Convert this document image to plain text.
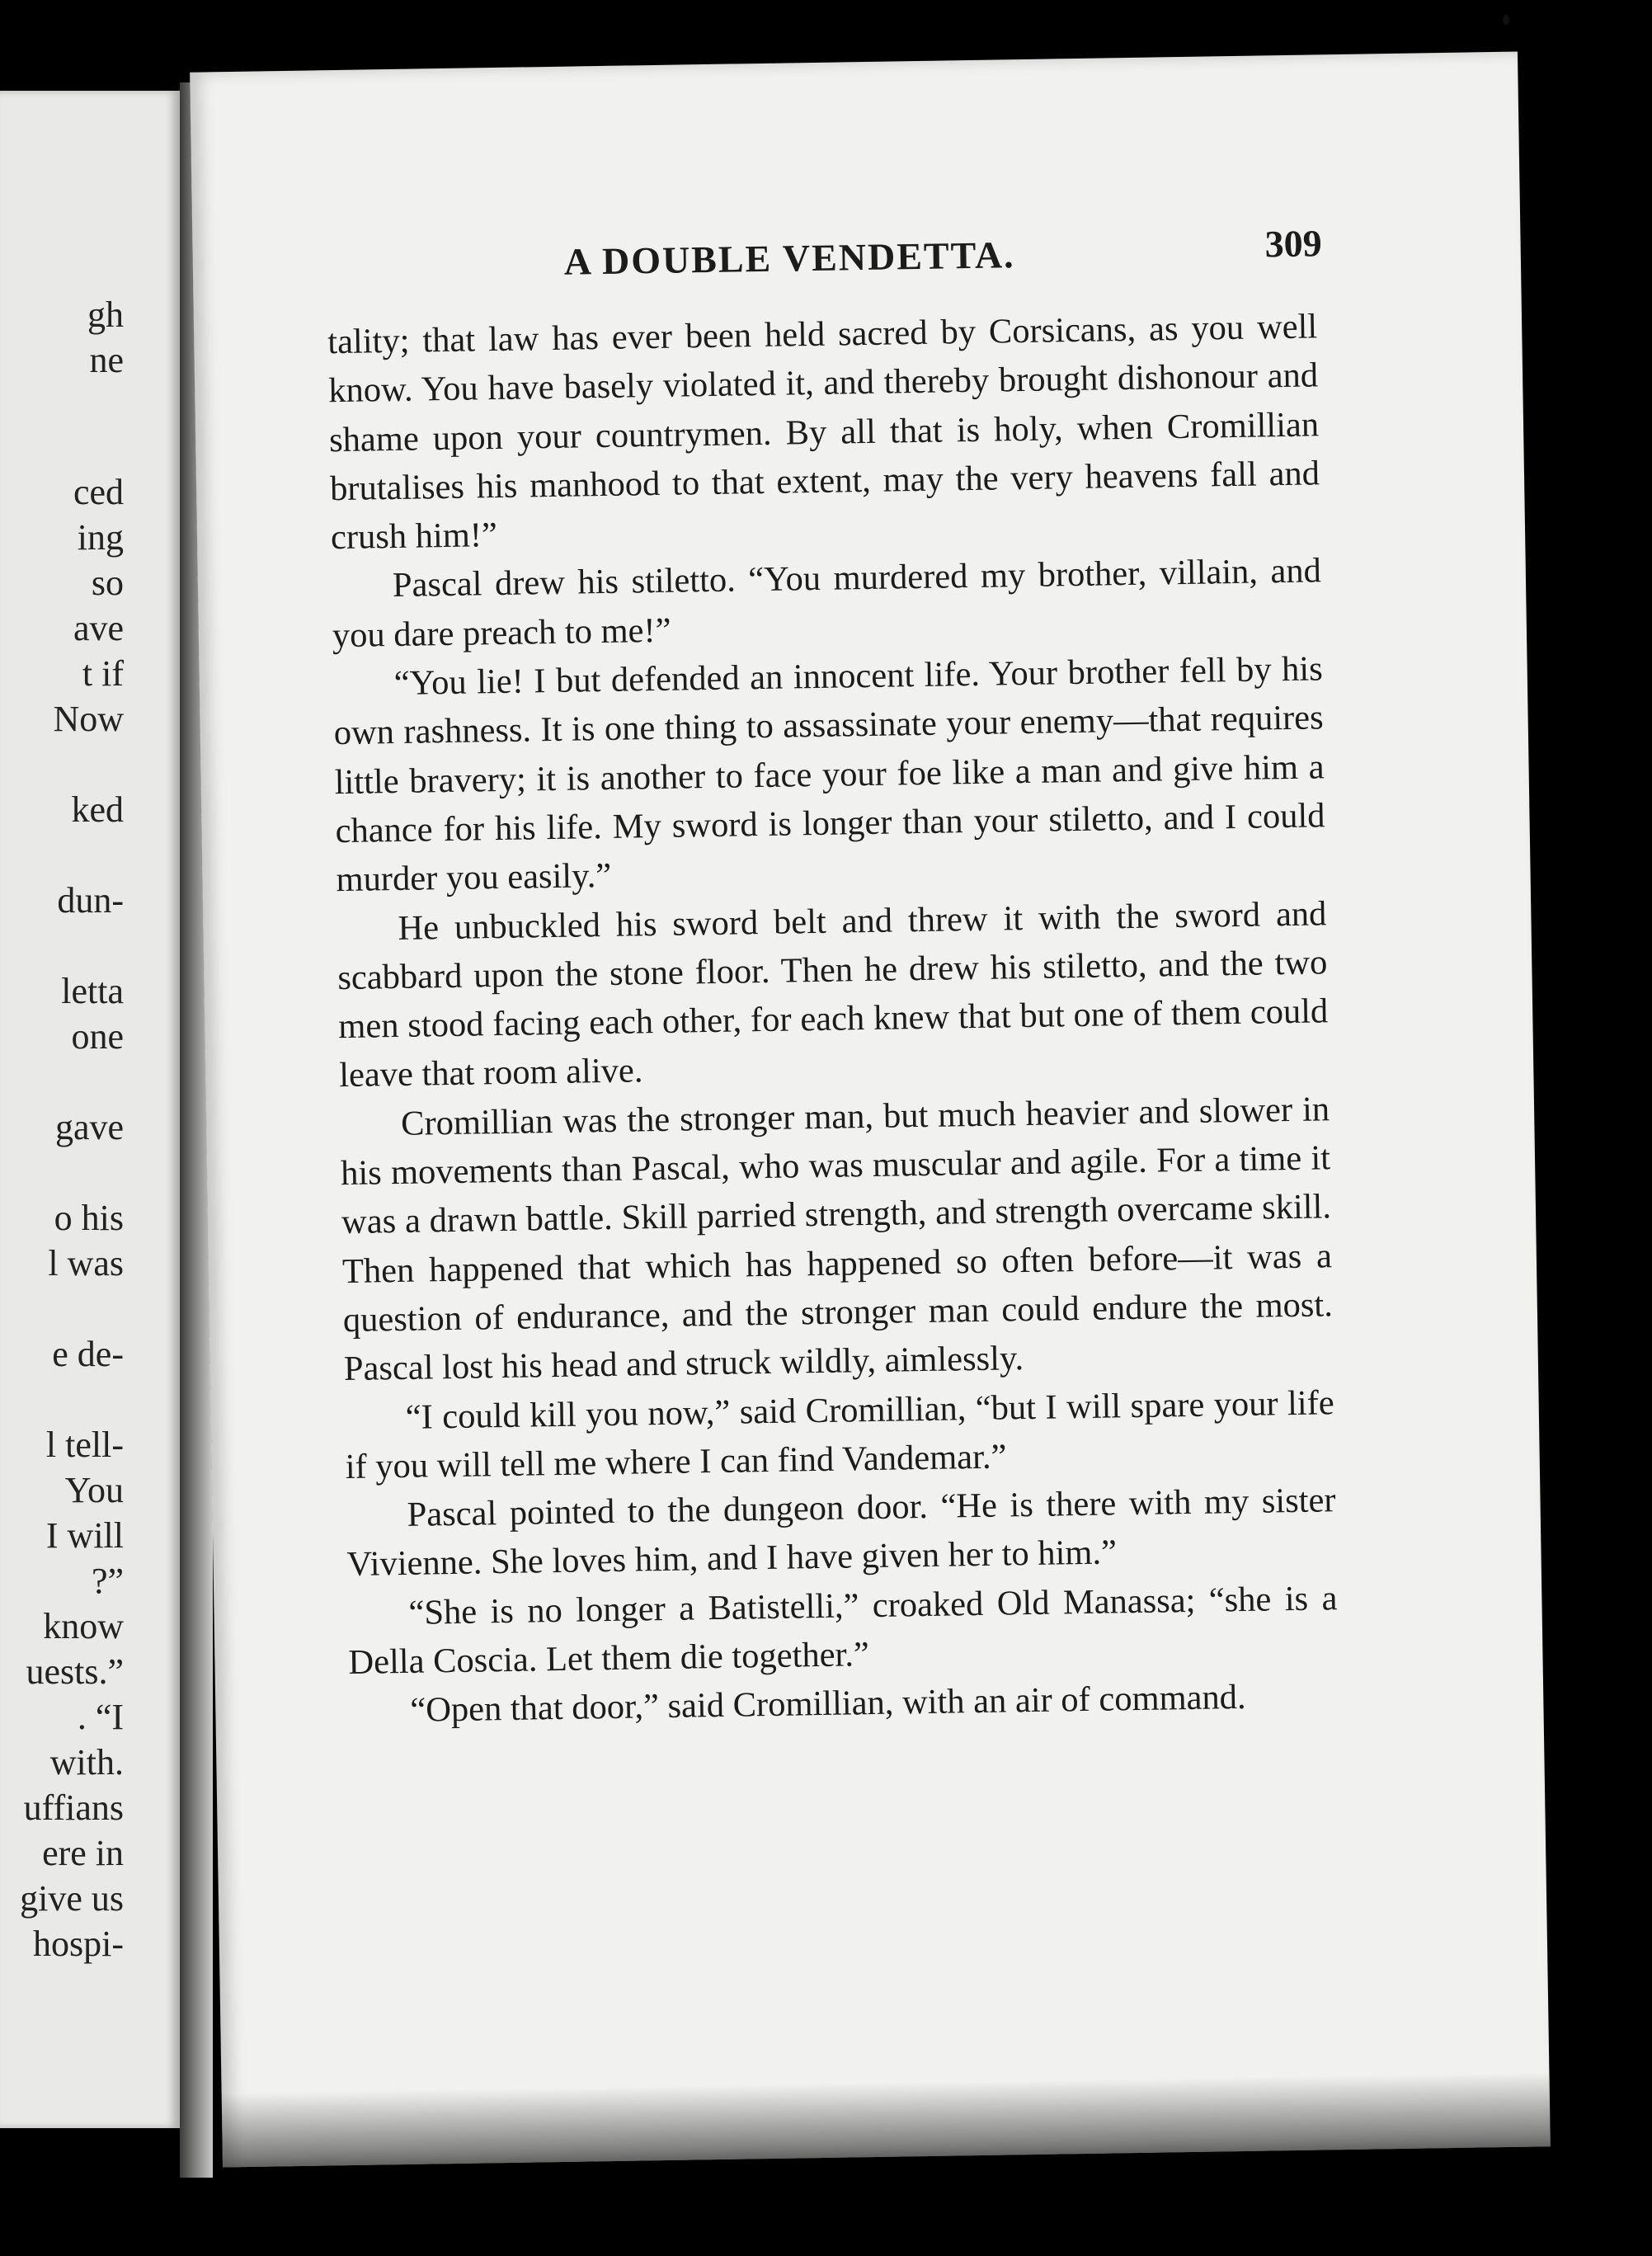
gh
ne
ced
ing
so
ave
t if
Now
ked
dun-
letta
one
gave
o his
l was
e de-
l tell-
You
I will
?”
know
uests.”
. “I
with.
uffians
ere in
give us
hospi-
A DOUBLE VENDETTA.	309

tality; that law has ever been held sacred by Corsicans, as you well know. You have basely violated it, and thereby brought dishonour and shame upon your countrymen. By all that is holy, when Cromillian brutalises his manhood to that extent, may the very heavens fall and crush him!”

Pascal drew his stiletto. “You murdered my brother, villain, and you dare preach to me!”

“You lie! I but defended an innocent life. Your brother fell by his own rashness. It is one thing to assassinate your enemy—that requires little bravery; it is another to face your foe like a man and give him a chance for his life. My sword is longer than your stiletto, and I could murder you easily.”

He unbuckled his sword belt and threw it with the sword and scabbard upon the stone floor. Then he drew his stiletto, and the two men stood facing each other, for each knew that but one of them could leave that room alive.

Cromillian was the stronger man, but much heavier and slower in his movements than Pascal, who was muscular and agile. For a time it was a drawn battle. Skill parried strength, and strength overcame skill. Then happened that which has happened so often before—it was a question of endurance, and the stronger man could endure the most. Pascal lost his head and struck wildly, aimlessly.

“I could kill you now,” said Cromillian, “but I will spare your life if you will tell me where I can find Vandemar.”

Pascal pointed to the dungeon door. “He is there with my sister Vivienne. She loves him, and I have given her to him.”

“She is no longer a Batistelli,” croaked Old Manassa; “she is a Della Coscia. Let them die together.”

“Open that door,” said Cromillian, with an air of command.
